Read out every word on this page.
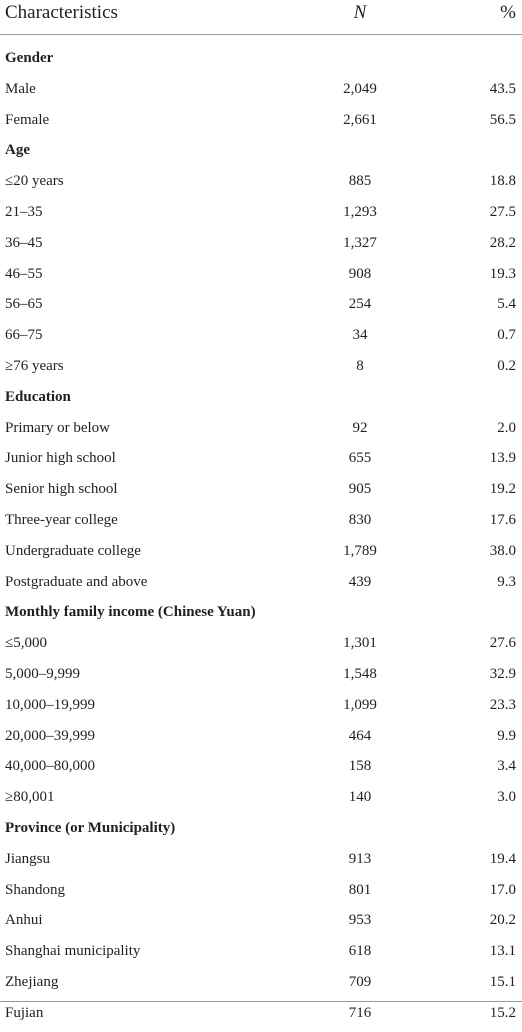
Characteristics	N	%
Gender
Male	2,049	43.5
Female	2,661	56.5
Age
≤20 years	885	18.8
21–35	1,293	27.5
36–45	1,327	28.2
46–55	908	19.3
56–65	254	5.4
66–75	34	0.7
≥76 years	8	0.2
Education
Primary or below	92	2.0
Junior high school	655	13.9
Senior high school	905	19.2
Three-year college	830	17.6
Undergraduate college	1,789	38.0
Postgraduate and above	439	9.3
Monthly family income (Chinese Yuan)
≤5,000	1,301	27.6
5,000–9,999	1,548	32.9
10,000–19,999	1,099	23.3
20,000–39,999	464	9.9
40,000–80,000	158	3.4
≥80,001	140	3.0
Province (or Municipality)
Jiangsu	913	19.4
Shandong	801	17.0
Anhui	953	20.2
Shanghai municipality	618	13.1
Zhejiang	709	15.1
Fujian	716	15.2
